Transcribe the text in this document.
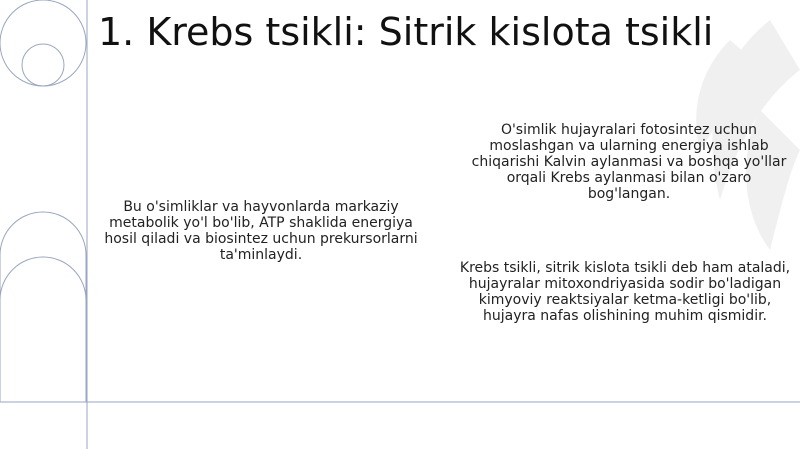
1. Krebs tsikli: Sitrik kislota tsikli

Bu o'simliklar va hayvonlarda markaziy metabolik yo'l bo'lib, ATP shaklida energiya hosil qiladi va biosintez uchun prekursorlarni ta'minlaydi.

O'simlik hujayralari fotosintez uchun moslashgan va ularning energiya ishlab chiqarishi Kalvin aylanmasi va boshqa yo'llar orqali Krebs aylanmasi bilan o'zaro bog'langan.

Krebs tsikli, sitrik kislota tsikli deb ham ataladi, hujayralar mitoxondriyasida sodir bo'ladigan kimyoviy reaktsiyalar ketma-ketligi bo'lib, hujayra nafas olishining muhim qismidir.
